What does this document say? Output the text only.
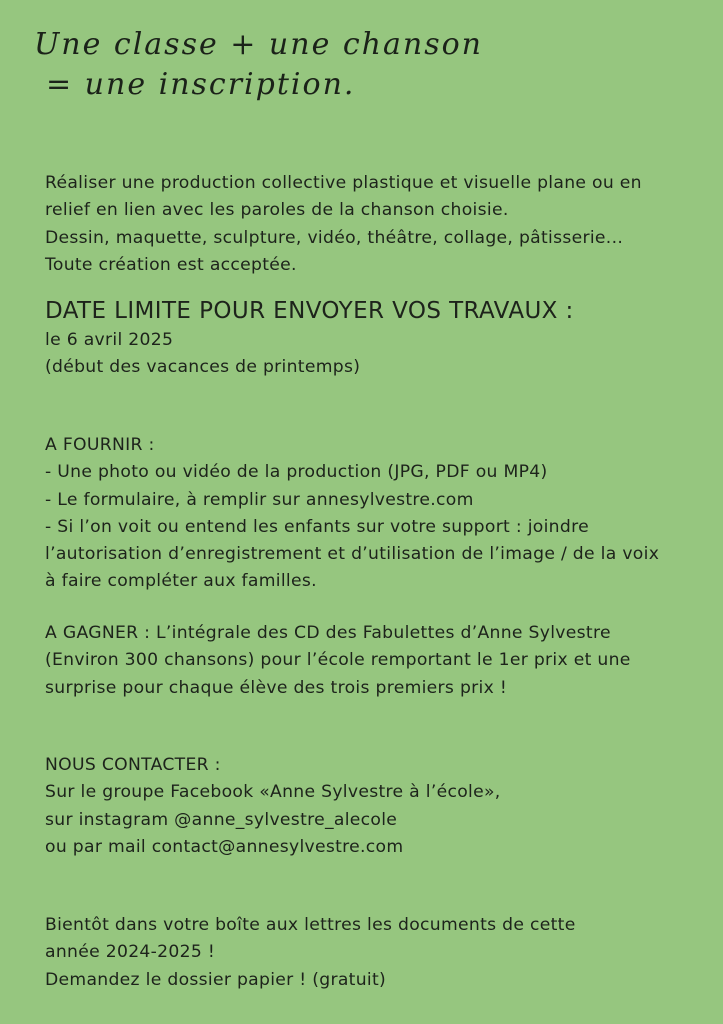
Une classe + une chanson
= une inscription.

Réaliser une production collective plastique et visuelle plane ou en

relief en lien avec les paroles de la chanson choisie.

Dessin, maquette, sculpture, vidéo, théâtre, collage, pâtisserie...

Toute création est acceptée.

DATE LIMITE POUR ENVOYER VOS TRAVAUX :

le 6 avril 2025

(début des vacances de printemps)

A FOURNIR :

- Une photo ou vidéo de la production (JPG, PDF ou MP4)

- Le formulaire, à remplir sur annesylvestre.com

- Si l’on voit ou entend les enfants sur votre support : joindre

l’autorisation d’enregistrement et d’utilisation de l’image / de la voix

à faire compléter aux familles.

A GAGNER : L’intégrale des CD des Fabulettes d’Anne Sylvestre

(Environ 300 chansons) pour l’école remportant le 1er prix et une

surprise pour chaque élève des trois premiers prix !

NOUS CONTACTER :

Sur le groupe Facebook «Anne Sylvestre à l’école»,

sur instagram @anne_sylvestre_alecole

ou par mail contact@annesylvestre.com

Bientôt dans votre boîte aux lettres les documents de cette

année 2024-2025 !

Demandez le dossier papier ! (gratuit)
